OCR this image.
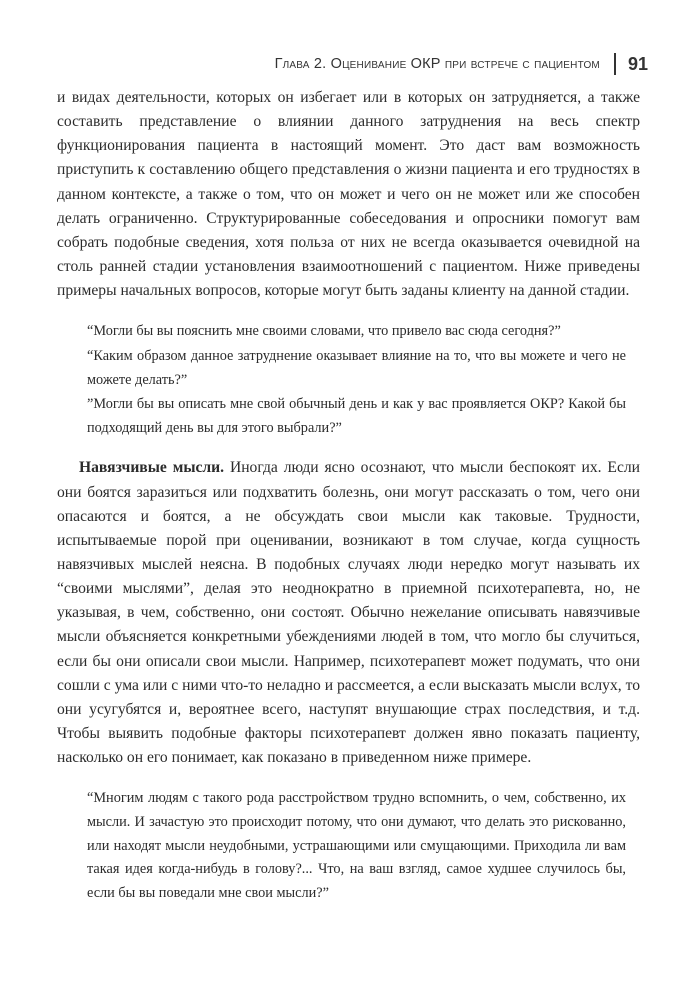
Глава 2. Оценивание ОКР при встрече с пациентом 91

и видах деятельности, которых он избегает или в которых он затрудняется, а также составить представление о влиянии данного затруднения на весь спектр функционирования пациента в настоящий момент. Это даст вам возможность приступить к составлению общего представления о жизни пациента и его трудностях в данном контексте, а также о том, что он может и чего он не может или же способен делать ограниченно. Структурированные собеседования и опросники помогут вам собрать подобные сведения, хотя польза от них не всегда оказывается очевидной на столь ранней стадии установления взаимоотношений с пациентом. Ниже приведены примеры начальных вопросов, которые могут быть заданы клиенту на данной стадии.

“Могли бы вы пояснить мне своими словами, что привело вас сюда сегодня?”

“Каким образом данное затруднение оказывает влияние на то, что вы можете и чего не можете делать?”

”Могли бы вы описать мне свой обычный день и как у вас проявляется ОКР? Какой бы подходящий день вы для этого выбрали?”

Навязчивые мысли. Иногда люди ясно осознают, что мысли беспокоят их. Если они боятся заразиться или подхватить болезнь, они могут рассказать о том, чего они опасаются и боятся, а не обсуждать свои мысли как таковые. Трудности, испытываемые порой при оценивании, возникают в том случае, когда сущность навязчивых мыслей неясна. В подобных случаях люди нередко могут называть их “своими мыслями”, делая это неоднократно в приемной психотерапевта, но, не указывая, в чем, собственно, они состоят. Обычно нежелание описывать навязчивые мысли объясняется конкретными убеждениями людей в том, что могло бы случиться, если бы они описали свои мысли. Например, психотерапевт может подумать, что они сошли с ума или с ними что-то неладно и рассмеется, а если высказать мысли вслух, то они усугубятся и, вероятнее всего, наступят внушающие страх последствия, и т.д. Чтобы выявить подобные факторы психотерапевт должен явно показать пациенту, насколько он его понимает, как показано в приведенном ниже примере.

“Многим людям с такого рода расстройством трудно вспомнить, о чем, собственно, их мысли. И зачастую это происходит потому, что они думают, что делать это рискованно, или находят мысли неудобными, устрашающими или смущающими. Приходила ли вам такая идея когда-нибудь в голову?... Что, на ваш взгляд, самое худшее случилось бы, если бы вы поведали мне свои мысли?”
